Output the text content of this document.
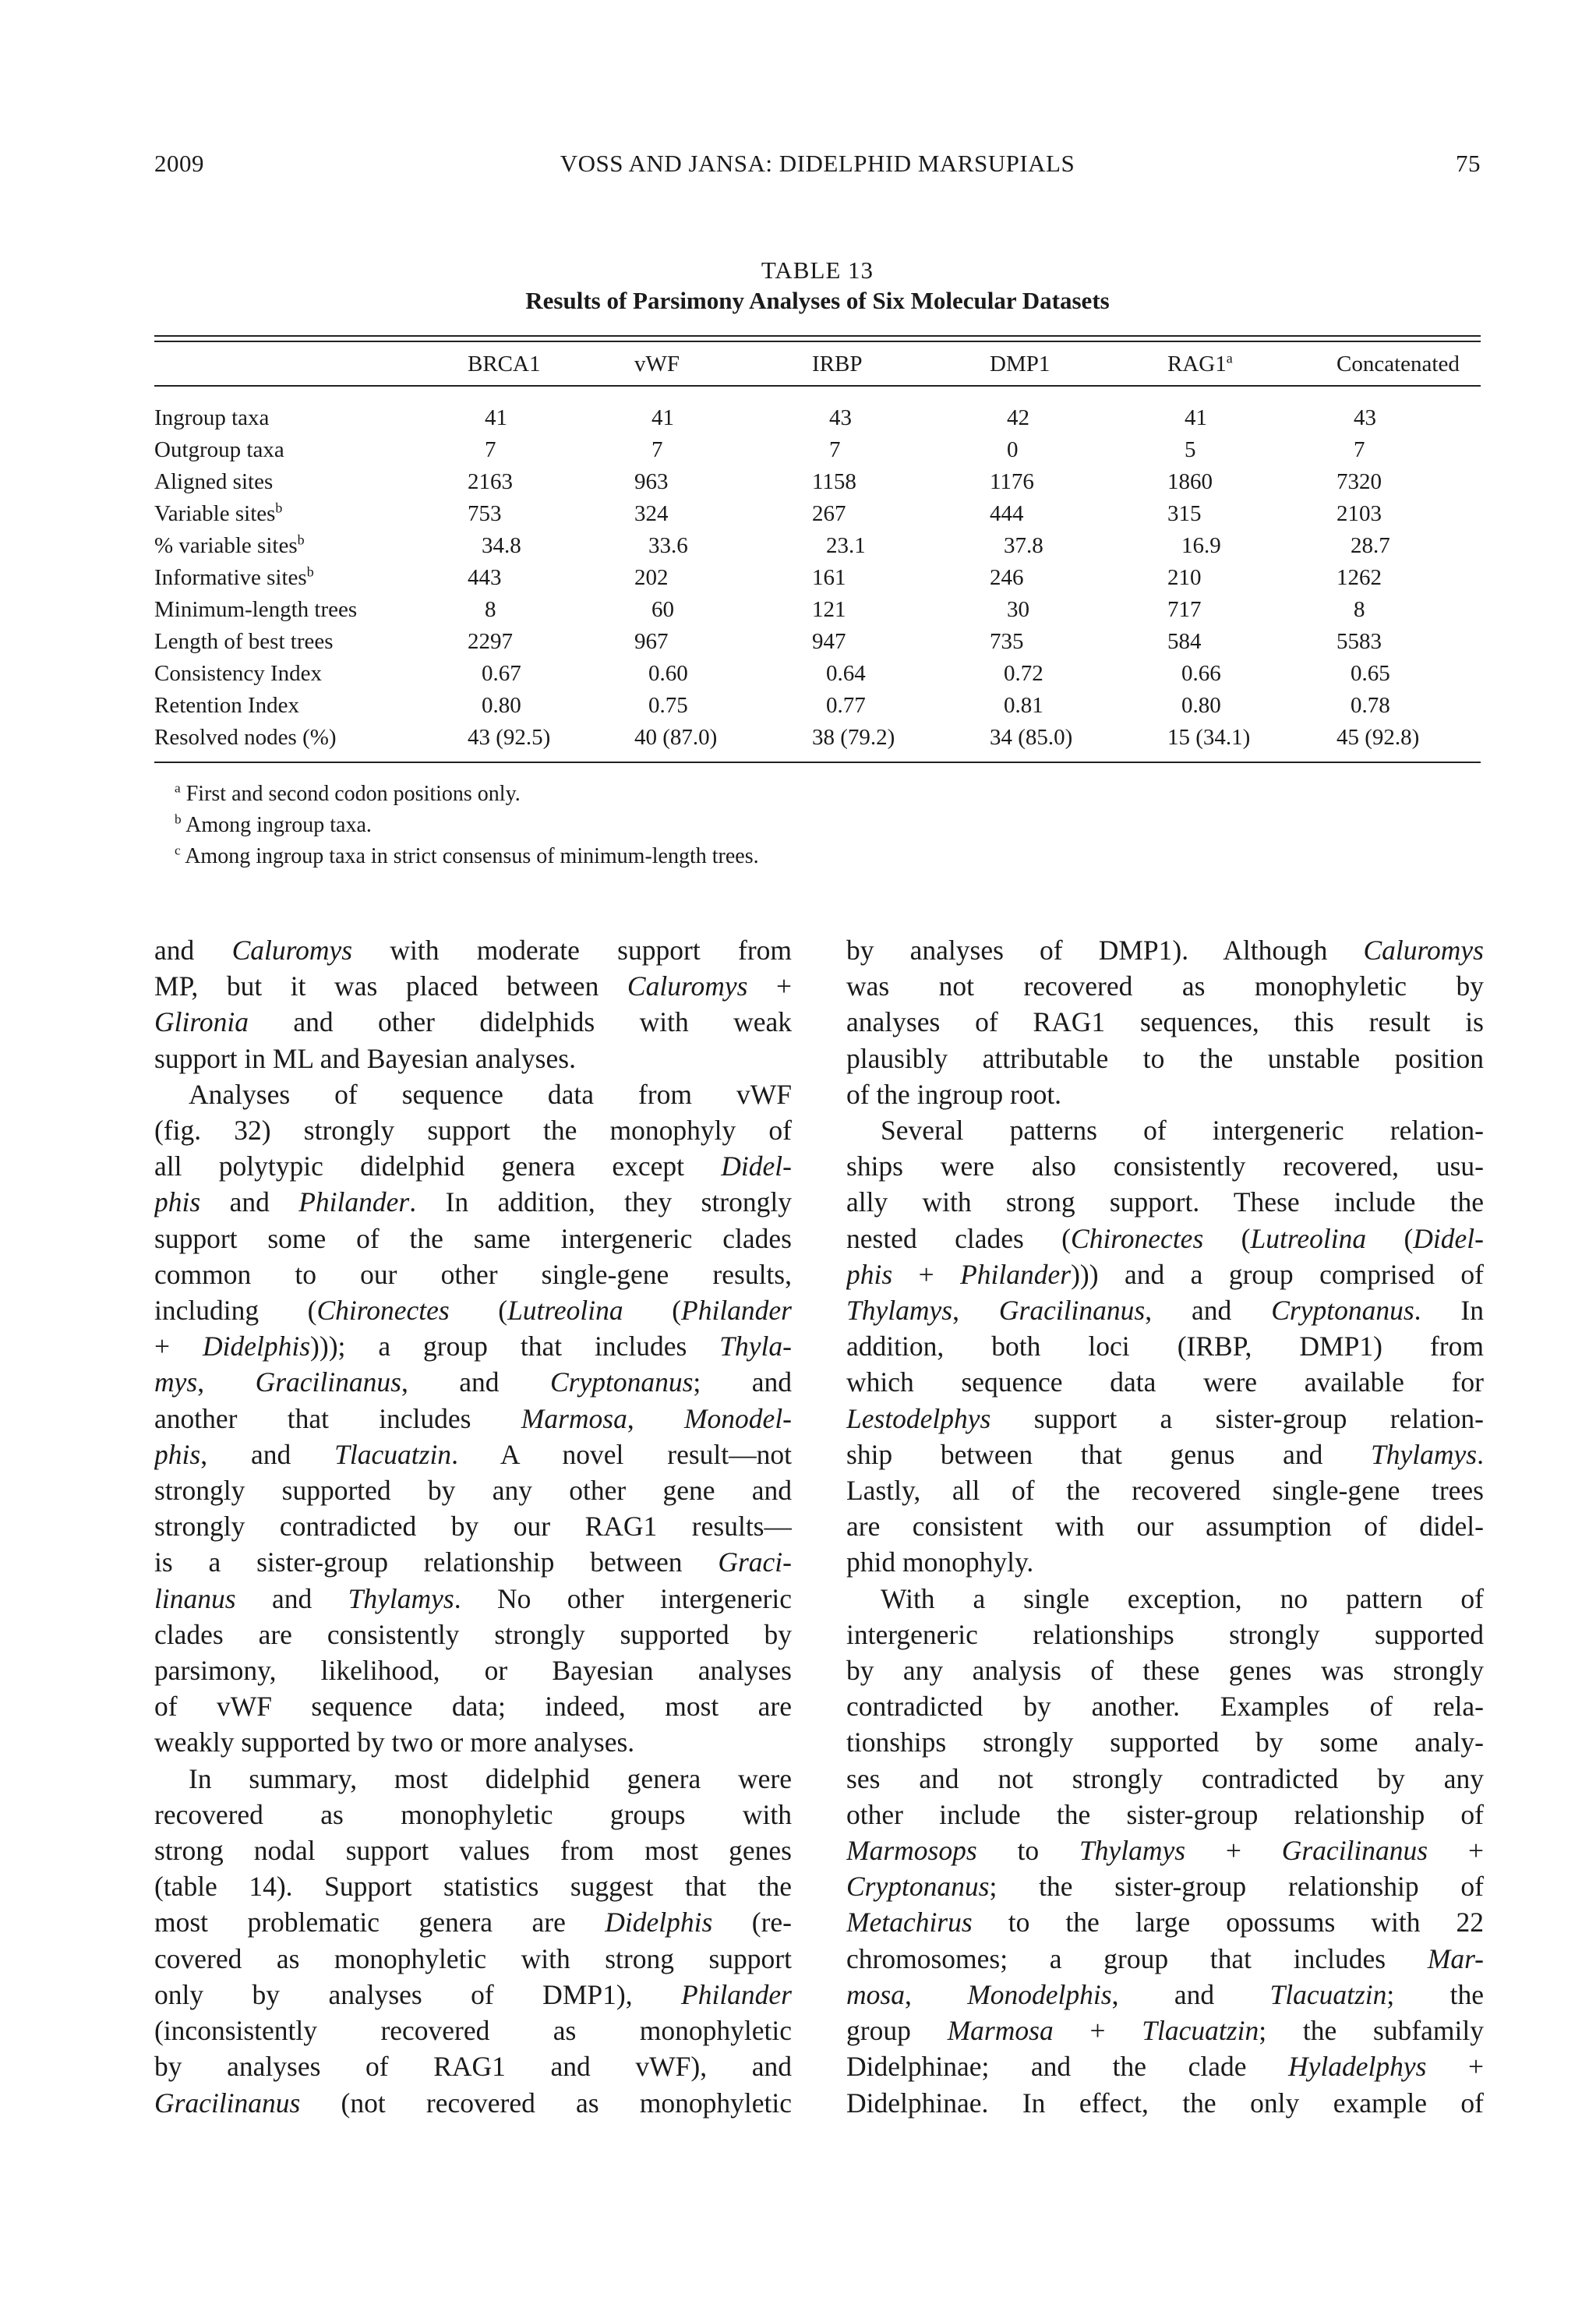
2009	VOSS AND JANSA: DIDELPHID MARSUPIALS	75
TABLE 13
Results of Parsimony Analyses of Six Molecular Datasets
	BRCA1	vWF	IRBP	DMP1	RAG1$^a$	Concatenated
Ingroup taxa	41	41	43	42	41	43
Outgroup taxa	7	7	7	0	5	7
Aligned sites	2163	963	1158	1176	1860	7320
Variable sites$^b$	753	324	267	444	315	2103
% variable sites$^b$	34.8	33.6	23.1	37.8	16.9	28.7
Informative sites$^b$	443	202	161	246	210	1262
Minimum-length trees	8	60	121	30	717	8
Length of best trees	2297	967	947	735	584	5583
Consistency Index	0.67	0.60	0.64	0.72	0.66	0.65
Retention Index	0.80	0.75	0.77	0.81	0.80	0.78
Resolved nodes (%)	43 (92.5)	40 (87.0)	38 (79.2)	34 (85.0)	15 (34.1)	45 (92.8)
$^a$ First and second codon positions only.
$^b$ Among ingroup taxa.
$^c$ Among ingroup taxa in strict consensus of minimum-length trees.
and Caluromys with moderate support from
MP, but it was placed between Caluromys +
Glironia and other didelphids with weak
support in ML and Bayesian analyses.
Analyses of sequence data from vWF
(fig. 32) strongly support the monophyly of
all polytypic didelphid genera except Didel-
phis and Philander. In addition, they strongly
support some of the same intergeneric clades
common to our other single-gene results,
including (Chironectes (Lutreolina (Philander
+ Didelphis))); a group that includes Thyla-
mys, Gracilinanus, and Cryptonanus; and
another that includes Marmosa, Monodel-
phis, and Tlacuatzin. A novel result—not
strongly supported by any other gene and
strongly contradicted by our RAG1 results—
is a sister-group relationship between Graci-
linanus and Thylamys. No other intergeneric
clades are consistently strongly supported by
parsimony, likelihood, or Bayesian analyses
of vWF sequence data; indeed, most are
weakly supported by two or more analyses.
In summary, most didelphid genera were
recovered as monophyletic groups with
strong nodal support values from most genes
(table 14). Support statistics suggest that the
most problematic genera are Didelphis (re-
covered as monophyletic with strong support
only by analyses of DMP1), Philander
(inconsistently recovered as monophyletic
by analyses of RAG1 and vWF), and
Gracilinanus (not recovered as monophyletic
by analyses of DMP1). Although Caluromys
was not recovered as monophyletic by
analyses of RAG1 sequences, this result is
plausibly attributable to the unstable position
of the ingroup root.
Several patterns of intergeneric relation-
ships were also consistently recovered, usu-
ally with strong support. These include the
nested clades (Chironectes (Lutreolina (Didel-
phis + Philander))) and a group comprised of
Thylamys, Gracilinanus, and Cryptonanus. In
addition, both loci (IRBP, DMP1) from
which sequence data were available for
Lestodelphys support a sister-group relation-
ship between that genus and Thylamys.
Lastly, all of the recovered single-gene trees
are consistent with our assumption of didel-
phid monophyly.
With a single exception, no pattern of
intergeneric relationships strongly supported
by any analysis of these genes was strongly
contradicted by another. Examples of rela-
tionships strongly supported by some analy-
ses and not strongly contradicted by any
other include the sister-group relationship of
Marmosops to Thylamys + Gracilinanus +
Cryptonanus; the sister-group relationship of
Metachirus to the large opossums with 22
chromosomes; a group that includes Mar-
mosa, Monodelphis, and Tlacuatzin; the
group Marmosa + Tlacuatzin; the subfamily
Didelphinae; and the clade Hyladelphys +
Didelphinae. In effect, the only example of
